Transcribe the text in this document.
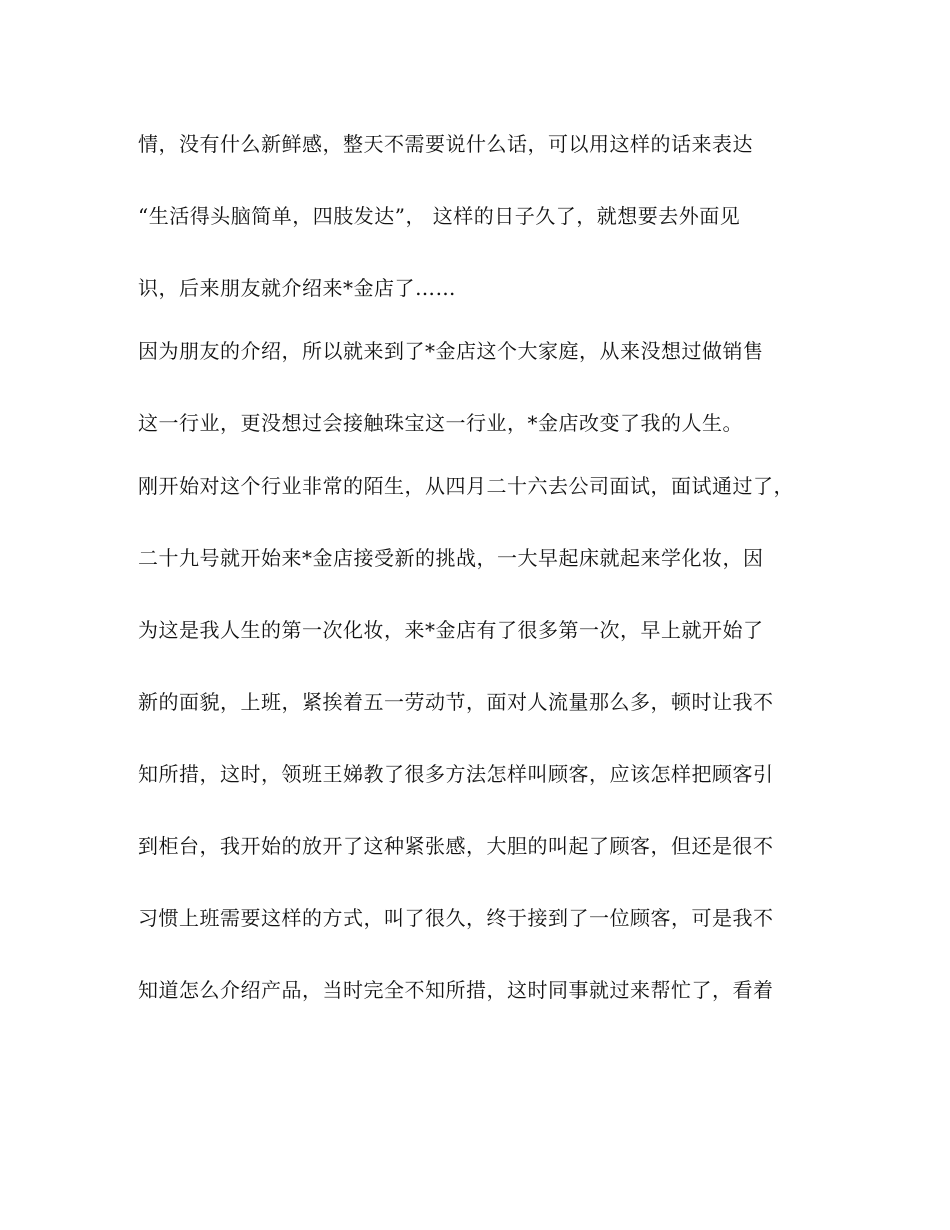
情，没有什么新鲜感，整天不需要说什么话，可以用这样的话来表达

“生活得头脑简单，四肢发达”， 这样的日子久了，就想要去外面见

识，后来朋友就介绍来*金店了……

因为朋友的介绍，所以就来到了*金店这个大家庭，从来没想过做销售

这一行业，更没想过会接触珠宝这一行业，*金店改变了我的人生。

刚开始对这个行业非常的陌生，从四月二十六去公司面试，面试通过了，

二十九号就开始来*金店接受新的挑战，一大早起床就起来学化妆，因

为这是我人生的第一次化妆，来*金店有了很多第一次，早上就开始了

新的面貌，上班，紧挨着五一劳动节，面对人流量那么多，顿时让我不

知所措，这时，领班王娣教了很多方法怎样叫顾客，应该怎样把顾客引

到柜台，我开始的放开了这种紧张感，大胆的叫起了顾客，但还是很不

习惯上班需要这样的方式，叫了很久，终于接到了一位顾客，可是我不

知道怎么介绍产品，当时完全不知所措，这时同事就过来帮忙了，看着
